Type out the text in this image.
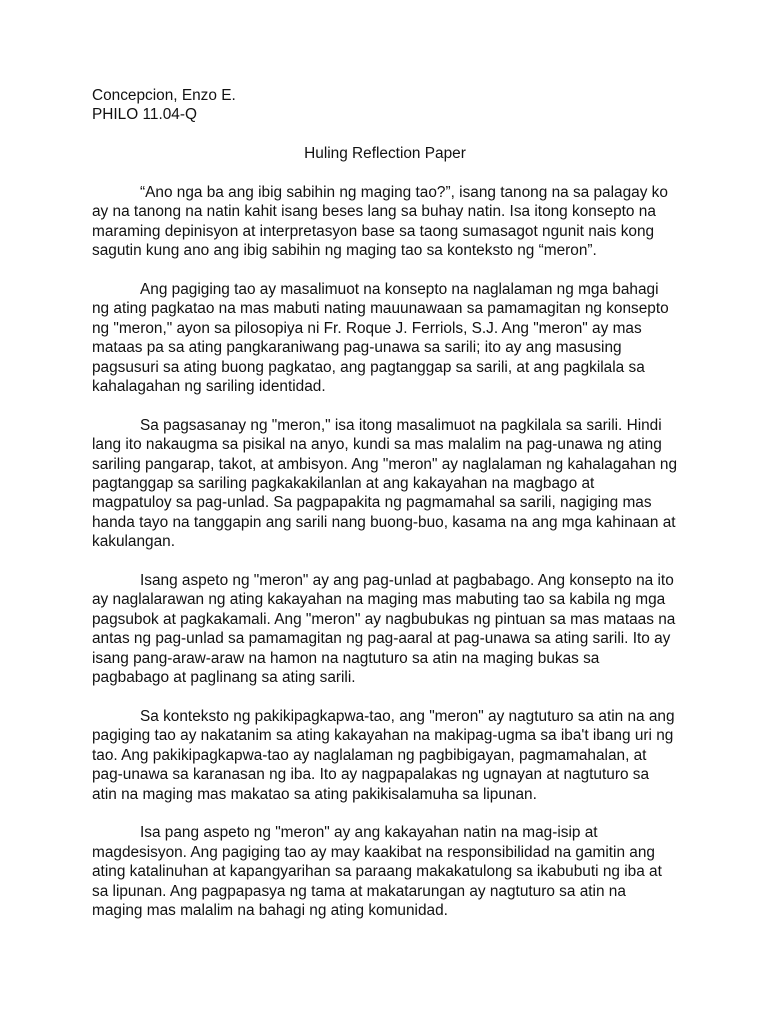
Concepcion, Enzo E.

PHILO 11.04-Q

Huling Reflection Paper

“Ano nga ba ang ibig sabihin ng maging tao?”, isang tanong na sa palagay ko ay na tanong na natin kahit isang beses lang sa buhay natin. Isa itong konsepto na maraming depinisyon at interpretasyon base sa taong sumasagot ngunit nais kong sagutin kung ano ang ibig sabihin ng maging tao sa konteksto ng “meron”.

Ang pagiging tao ay masalimuot na konsepto na naglalaman ng mga bahagi ng ating pagkatao na mas mabuti nating mauunawaan sa pamamagitan ng konsepto ng "meron," ayon sa pilosopiya ni Fr. Roque J. Ferriols, S.J. Ang "meron" ay mas mataas pa sa ating pangkaraniwang pag-unawa sa sarili; ito ay ang masusing pagsusuri sa ating buong pagkatao, ang pagtanggap sa sarili, at ang pagkilala sa kahalagahan ng sariling identidad.

Sa pagsasanay ng "meron," isa itong masalimuot na pagkilala sa sarili. Hindi lang ito nakaugma sa pisikal na anyo, kundi sa mas malalim na pag-unawa ng ating sariling pangarap, takot, at ambisyon. Ang "meron" ay naglalaman ng kahalagahan ng pagtanggap sa sariling pagkakakilanlan at ang kakayahan na magbago at magpatuloy sa pag-unlad. Sa pagpapakita ng pagmamahal sa sarili, nagiging mas handa tayo na tanggapin ang sarili nang buong-buo, kasama na ang mga kahinaan at kakulangan.

Isang aspeto ng "meron" ay ang pag-unlad at pagbabago. Ang konsepto na ito ay naglalarawan ng ating kakayahan na maging mas mabuting tao sa kabila ng mga pagsubok at pagkakamali. Ang "meron" ay nagbubukas ng pintuan sa mas mataas na antas ng pag-unlad sa pamamagitan ng pag-aaral at pag-unawa sa ating sarili. Ito ay isang pang-araw-araw na hamon na nagtuturo sa atin na maging bukas sa pagbabago at paglinang sa ating sarili.

Sa konteksto ng pakikipagkapwa-tao, ang "meron" ay nagtuturo sa atin na ang pagiging tao ay nakatanim sa ating kakayahan na makipag-ugma sa iba't ibang uri ng tao. Ang pakikipagkapwa-tao ay naglalaman ng pagbibigayan, pagmamahalan, at pag-unawa sa karanasan ng iba. Ito ay nagpapalakas ng ugnayan at nagtuturo sa atin na maging mas makatao sa ating pakikisalamuha sa lipunan.

Isa pang aspeto ng "meron" ay ang kakayahan natin na mag-isip at magdesisyon. Ang pagiging tao ay may kaakibat na responsibilidad na gamitin ang ating katalinuhan at kapangyarihan sa paraang makakatulong sa ikabubuti ng iba at sa lipunan. Ang pagpapasya ng tama at makatarungan ay nagtuturo sa atin na maging mas malalim na bahagi ng ating komunidad.
